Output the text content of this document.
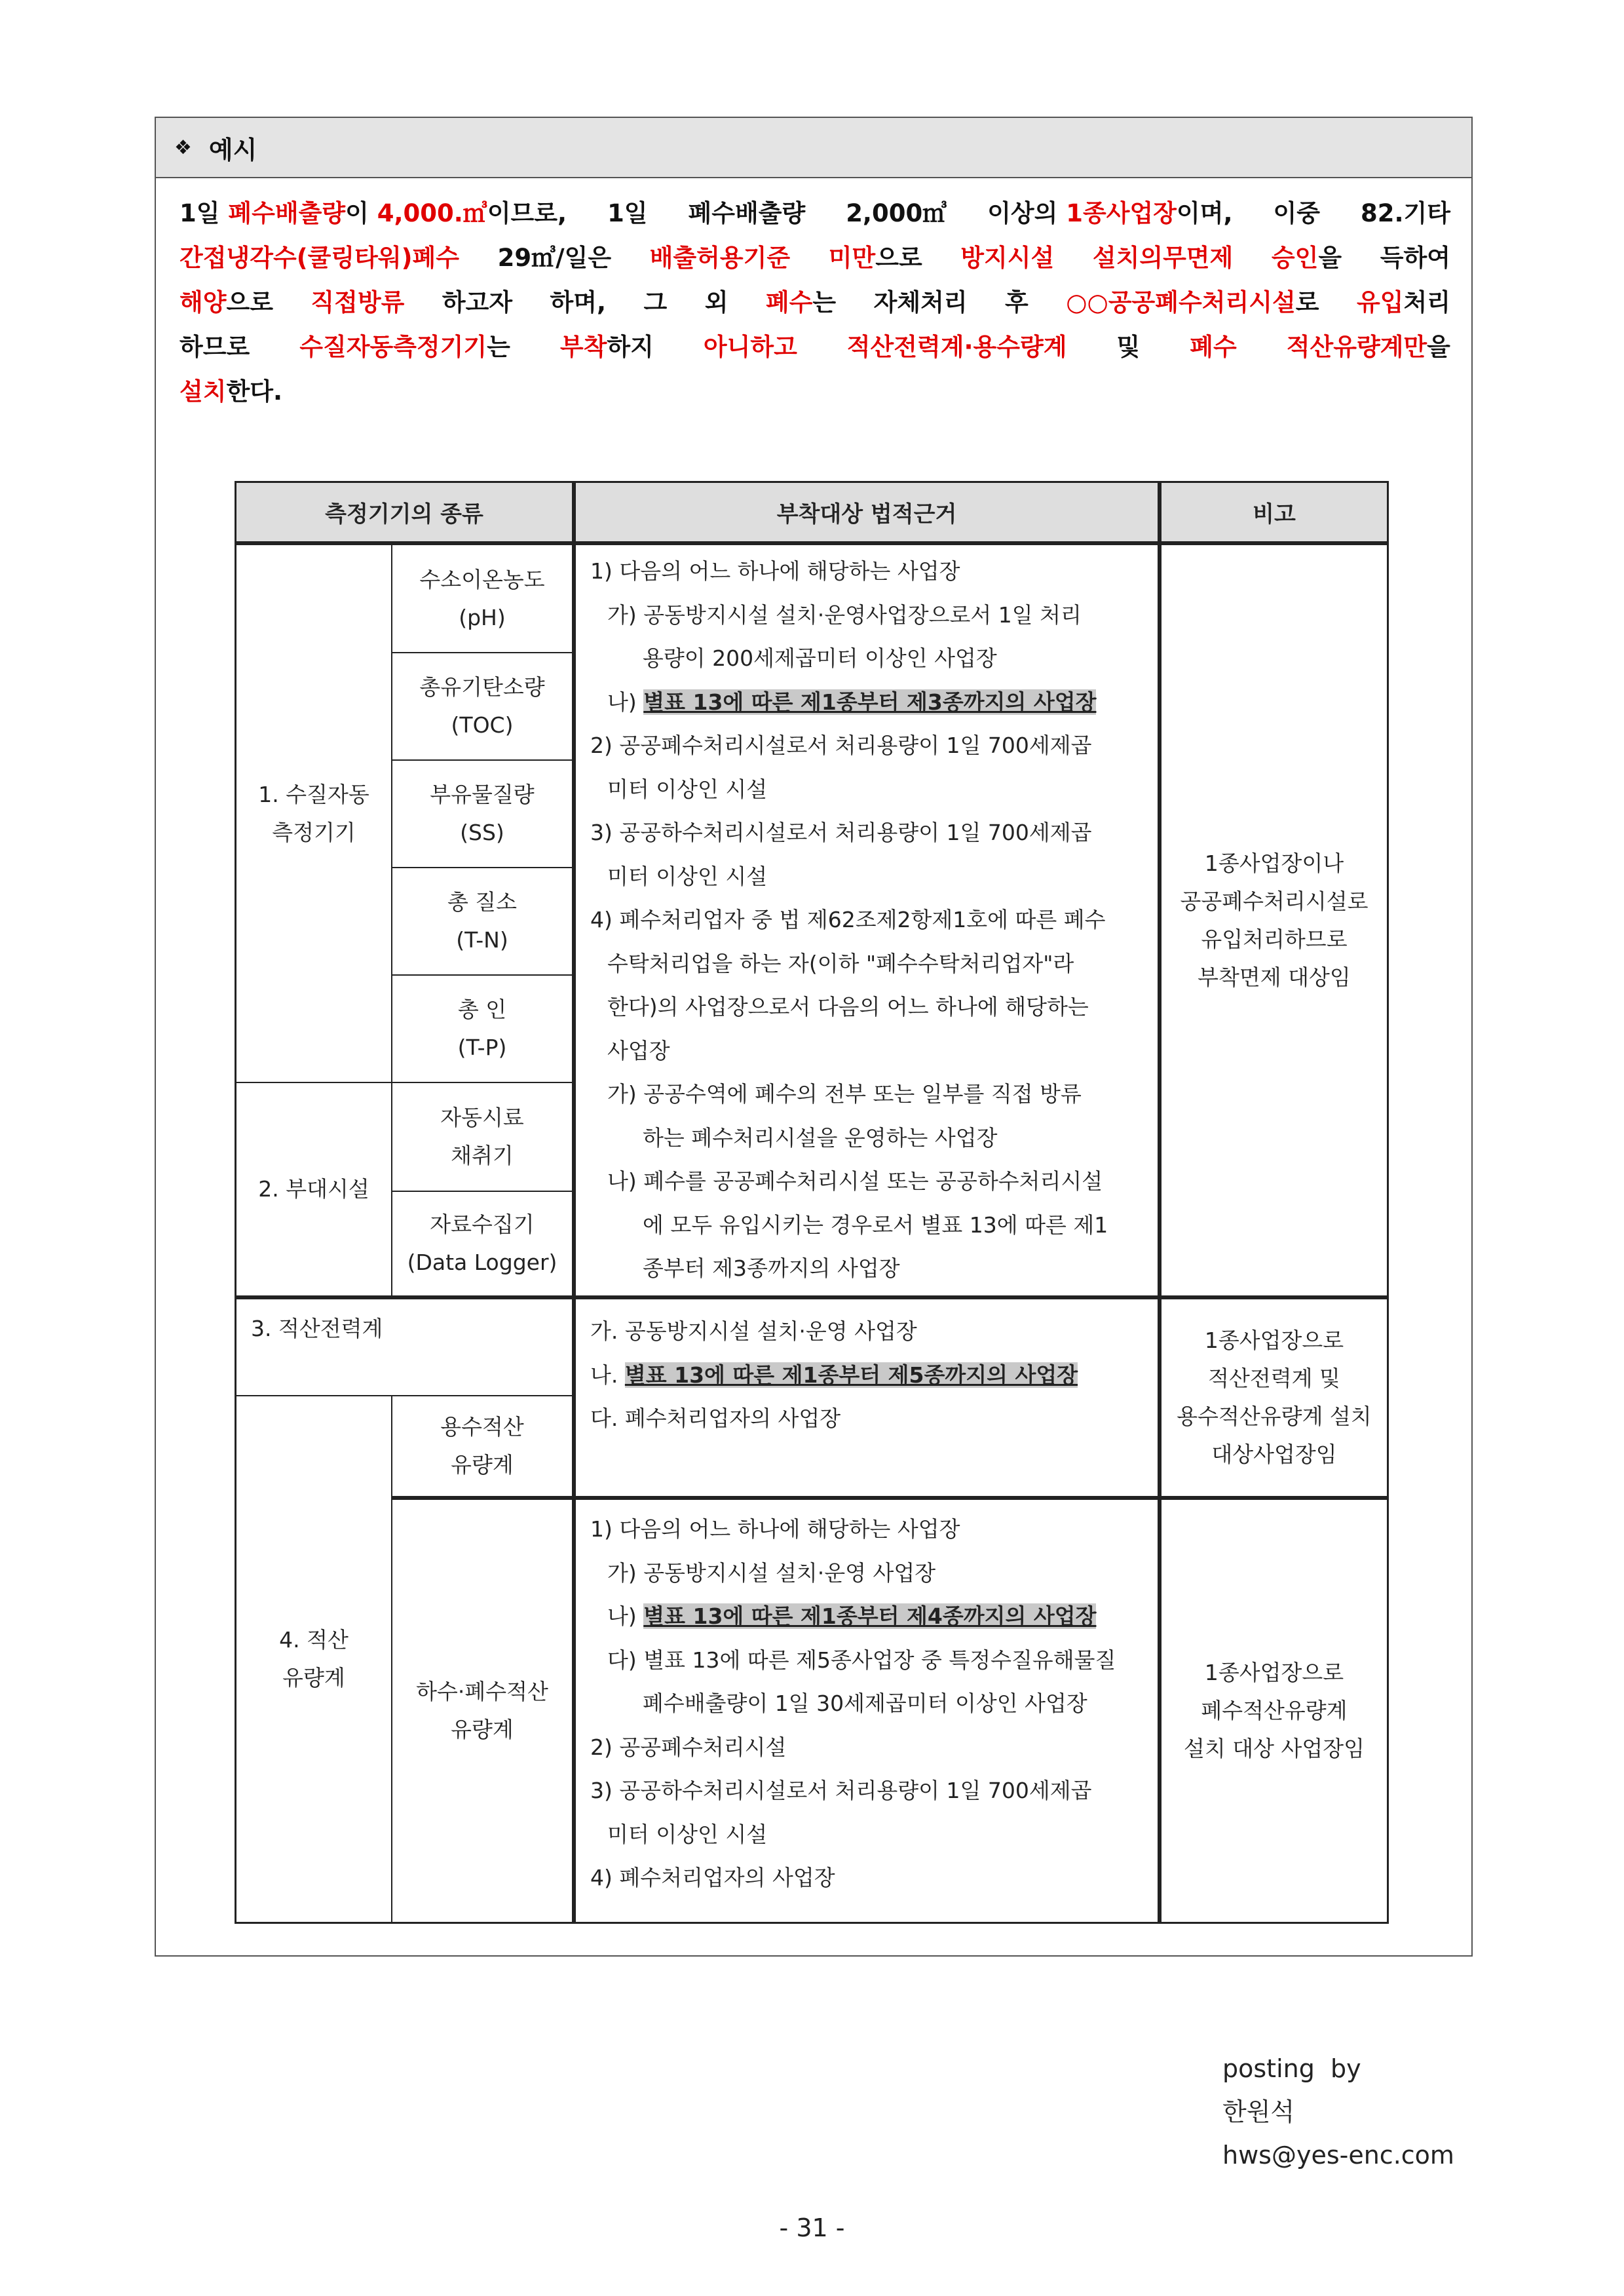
❖ 예시
1일 폐수배출량이 4,000.㎥이므로, 1일 폐수배출량 2,000㎥ 이상의 1종사업장이며, 이중 82.기타
간접냉각수(쿨링타워)폐수 29㎥/일은 배출허용기준 미만으로 방지시설 설치의무면제 승인을 득하여
해양으로 직접방류 하고자 하며, 그 외 폐수는 자체처리 후 ○○공공폐수처리시설로 유입처리
하므로 수질자동측정기기는 부착하지 아니하고 적산전력계·용수량계 및 폐수 적산유량계만을
설치한다.
측정기기의 종류	부착대상 법적근거	비고
1. 수질자동
측정기기
2. 부대시설
3. 적산전력계
4. 적산
유량계
수소이온농도
(pH)
총유기탄소량
(TOC)
부유물질량
(SS)
총 질소
(T-N)
총 인
(T-P)
자동시료
채취기
자료수집기
(Data Logger)
용수적산
유량계
하수·폐수적산
유량계
1) 다음의 어느 하나에 해당하는 사업장
가) 공동방지시설 설치·운영사업장으로서 1일 처리
용량이 200세제곱미터 이상인 사업장
나) 별표 13에 따른 제1종부터 제3종까지의 사업장
2) 공공폐수처리시설로서 처리용량이 1일 700세제곱
미터 이상인 시설
3) 공공하수처리시설로서 처리용량이 1일 700세제곱
미터 이상인 시설
4) 폐수처리업자 중 법 제62조제2항제1호에 따른 폐수
수탁처리업을 하는 자(이하 "폐수수탁처리업자"라
한다)의 사업장으로서 다음의 어느 하나에 해당하는
사업장
가) 공공수역에 폐수의 전부 또는 일부를 직접 방류
하는 폐수처리시설을 운영하는 사업장
나) 폐수를 공공폐수처리시설 또는 공공하수처리시설
에 모두 유입시키는 경우로서 별표 13에 따른 제1
종부터 제3종까지의 사업장
가. 공동방지시설 설치·운영 사업장
나. 별표 13에 따른 제1종부터 제5종까지의 사업장
다. 폐수처리업자의 사업장
1) 다음의 어느 하나에 해당하는 사업장
가) 공동방지시설 설치·운영 사업장
나) 별표 13에 따른 제1종부터 제4종까지의 사업장
다) 별표 13에 따른 제5종사업장 중 특정수질유해물질
폐수배출량이 1일 30세제곱미터 이상인 사업장
2) 공공폐수처리시설
3) 공공하수처리시설로서 처리용량이 1일 700세제곱
미터 이상인 시설
4) 폐수처리업자의 사업장
1종사업장이나
공공폐수처리시설로
유입처리하므로
부착면제 대상임
1종사업장으로
적산전력계 및
용수적산유량계 설치
대상사업장임
1종사업장으로
폐수적산유량계
설치 대상 사업장임
posting  by
한원석
hws@yes-enc.com
- 31 -
